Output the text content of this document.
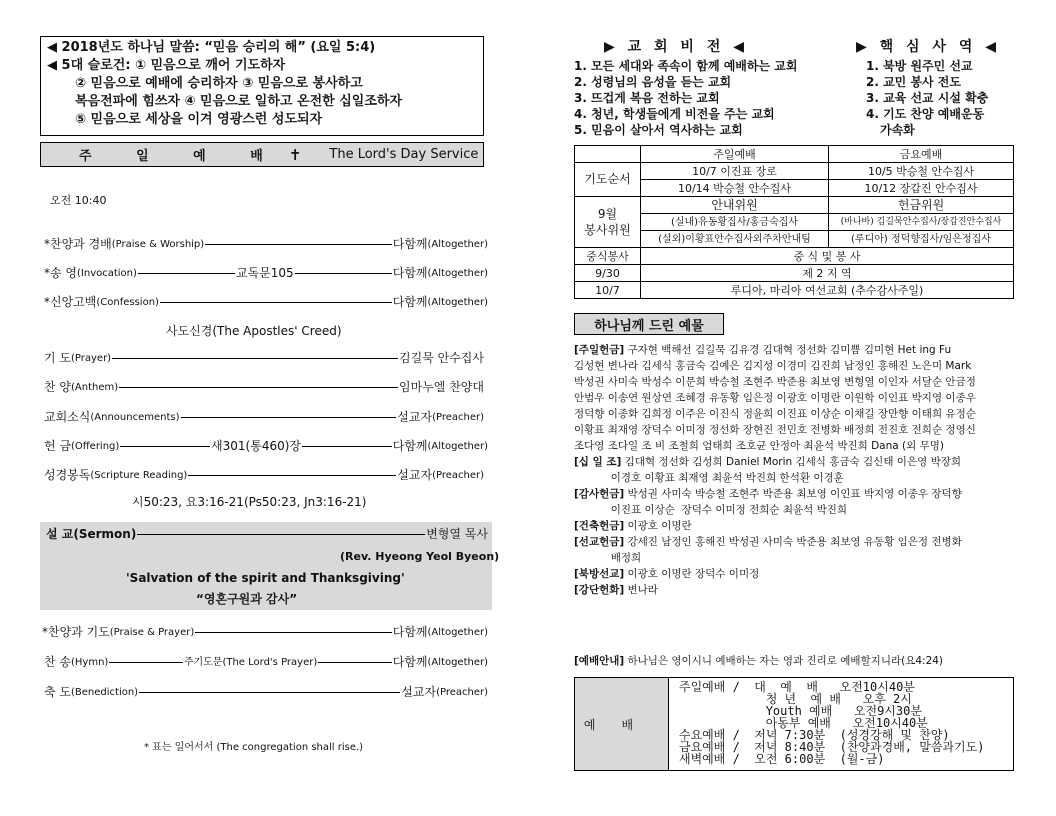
◀ 2018년도 하나님 말씀: “믿음 승리의 해” (요일 5:4)
◀ 5대 슬로건: ① 믿음으로 깨어 기도하자
② 믿음으로 예배에 승리하자 ③ 믿음으로 봉사하고
복음전파에 힘쓰자 ④ 믿음으로 일하고 온전한 십일조하자
⑤ 믿음으로 세상을 이겨 영광스런 성도되자
주 일 예 배 ✝ The Lord's Day Service
오전 10:40
*찬양과 경배 (Praise & Worship)	다함께 (Altogether)
*송 영 (Invocation)	교독문105	다함께 (Altogether)
*신앙고백 (Confession)	다함께 (Altogether)
사도신경(The Apostles' Creed)
기 도 (Prayer)	김길묵 안수집사
찬 양 (Anthem)	임마누엘 찬양대
교회소식 (Announcements)	설교자 (Preacher)
헌 금 (Offering)	새301(통460)장	다함께 (Altogether)
성경봉독 (Scripture Reading)	설교자 (Preacher)
시50:23, 요3:16-21(Ps50:23, Jn3:16-21)
설 교(Sermon)	변형열 목사
(Rev. Hyeong Yeol Byeon)
'Salvation of the spirit and Thanksgiving'
“영혼구원과 감사”
*찬양과 기도 (Praise & Prayer)	다함께 (Altogether)
찬 송 (Hymn)	주기도문(The Lord's Prayer)	다함께 (Altogether)
축 도 (Benediction)	설교자 (Preacher)
* 표는 일어서서 (The congregation shall rise.)
▶ 교 회 비 전 ◀	▶ 핵 심 사 역 ◀
1. 모든 세대와 족속이 함께 예배하는 교회
2. 성령님의 음성을 듣는 교회
3. 뜨겁게 복음 전하는 교회
4. 청년, 학생들에게 비전을 주는 교회
5. 믿음이 살아서 역사하는 교회
1. 북방 원주민 선교
2. 교민 봉사 전도
3. 교육 선교 시설 확충
4. 기도 찬양 예배운동
가속화
	주일예배	금요예배
기도순서	10/7 이진표 장로	10/5 박승철 안수집사
	10/14 박승철 안수집사	10/12 장갑진 안수집사

9월
봉사위원	안내위원	헌금위원
	(실내)유동황집사/홍금숙집사	(바나바) 김길묵안수집사/장갑진안수집사
	(실외)이황표안수집사외주차안내팀	(루디아) 정덕향집사/임은정집사
중식봉사	중 식 및 봉 사	
9/30	제 2 지 역	
10/7	루디아, 마리아 여선교회 (추수감사주일)	
하나님께 드린 예물
[주일헌금] 구자현 백해선 김길묵 김유경 김대혁 정선화 김미쁨 김미현 Het ing Fu
김성현 변나라 김세식 홍금숙 김예은 김지성 이경미 김진희 남정인 홍해진 노은미 Mark
박성권 사미숙 박성수 이문희 박승철 조현주 박준용 최보영 변형열 이인자 서달순 안금정
안범우 이송연 원상연 조혜경 유동황 임은정 이광호 이명란 이원학 이인표 박지영 이종우
정덕향 이종화 김희정 이주은 이진식 정윤희 이진표 이상순 이채길 장만향 이태희 유정순
이황표 최재영 장덕수 이미정 정선화 장현진 전민호 전병화 배정희 전진호 전희순 정영신
조다영 조다일 조 비 조철희 엄태희 조호균 안정아 최윤석 박진희 Dana (외 무명)
[십 일 조] 김대혁 정선화 김성희 Daniel Morin 김세식 홍금숙 김신태 이은영 박장희
이경호 이황표 최재영 최윤석 박진희 한석환 이경훈
[감사헌금] 박성권 사미숙 박승철 조현주 박준용 최보영 이인표 박지영 이종우 장덕향
이진표 이상순  장덕수 이미정 전희순 최윤석 박진희
[건축헌금] 이광호 이명란
[선교헌금] 강세진 남정인 홍해진 박성권 사미숙 박준용 최보영 유동황 임은정 전병화
배정희
[북방선교] 이광호 이명란 장덕수 이미정
[강단헌화] 변나라
[예배안내] 하나님은 영이시니 예배하는 자는 영과 진리로 예배할지니라(요4:24)
예배
주일예배 /  대  예  배   오전10시40분
청 년  예 배   오후 2시
Youth 예배   오전9시30분
아동부 예배   오전10시40분
수요예배 /  저녁 7:30분  (성경강해 및 찬양)
금요예배 /  저녁 8:40분  (찬양과경배, 말씀과기도)
새벽예배 /  오전 6:00분  (월-금)
